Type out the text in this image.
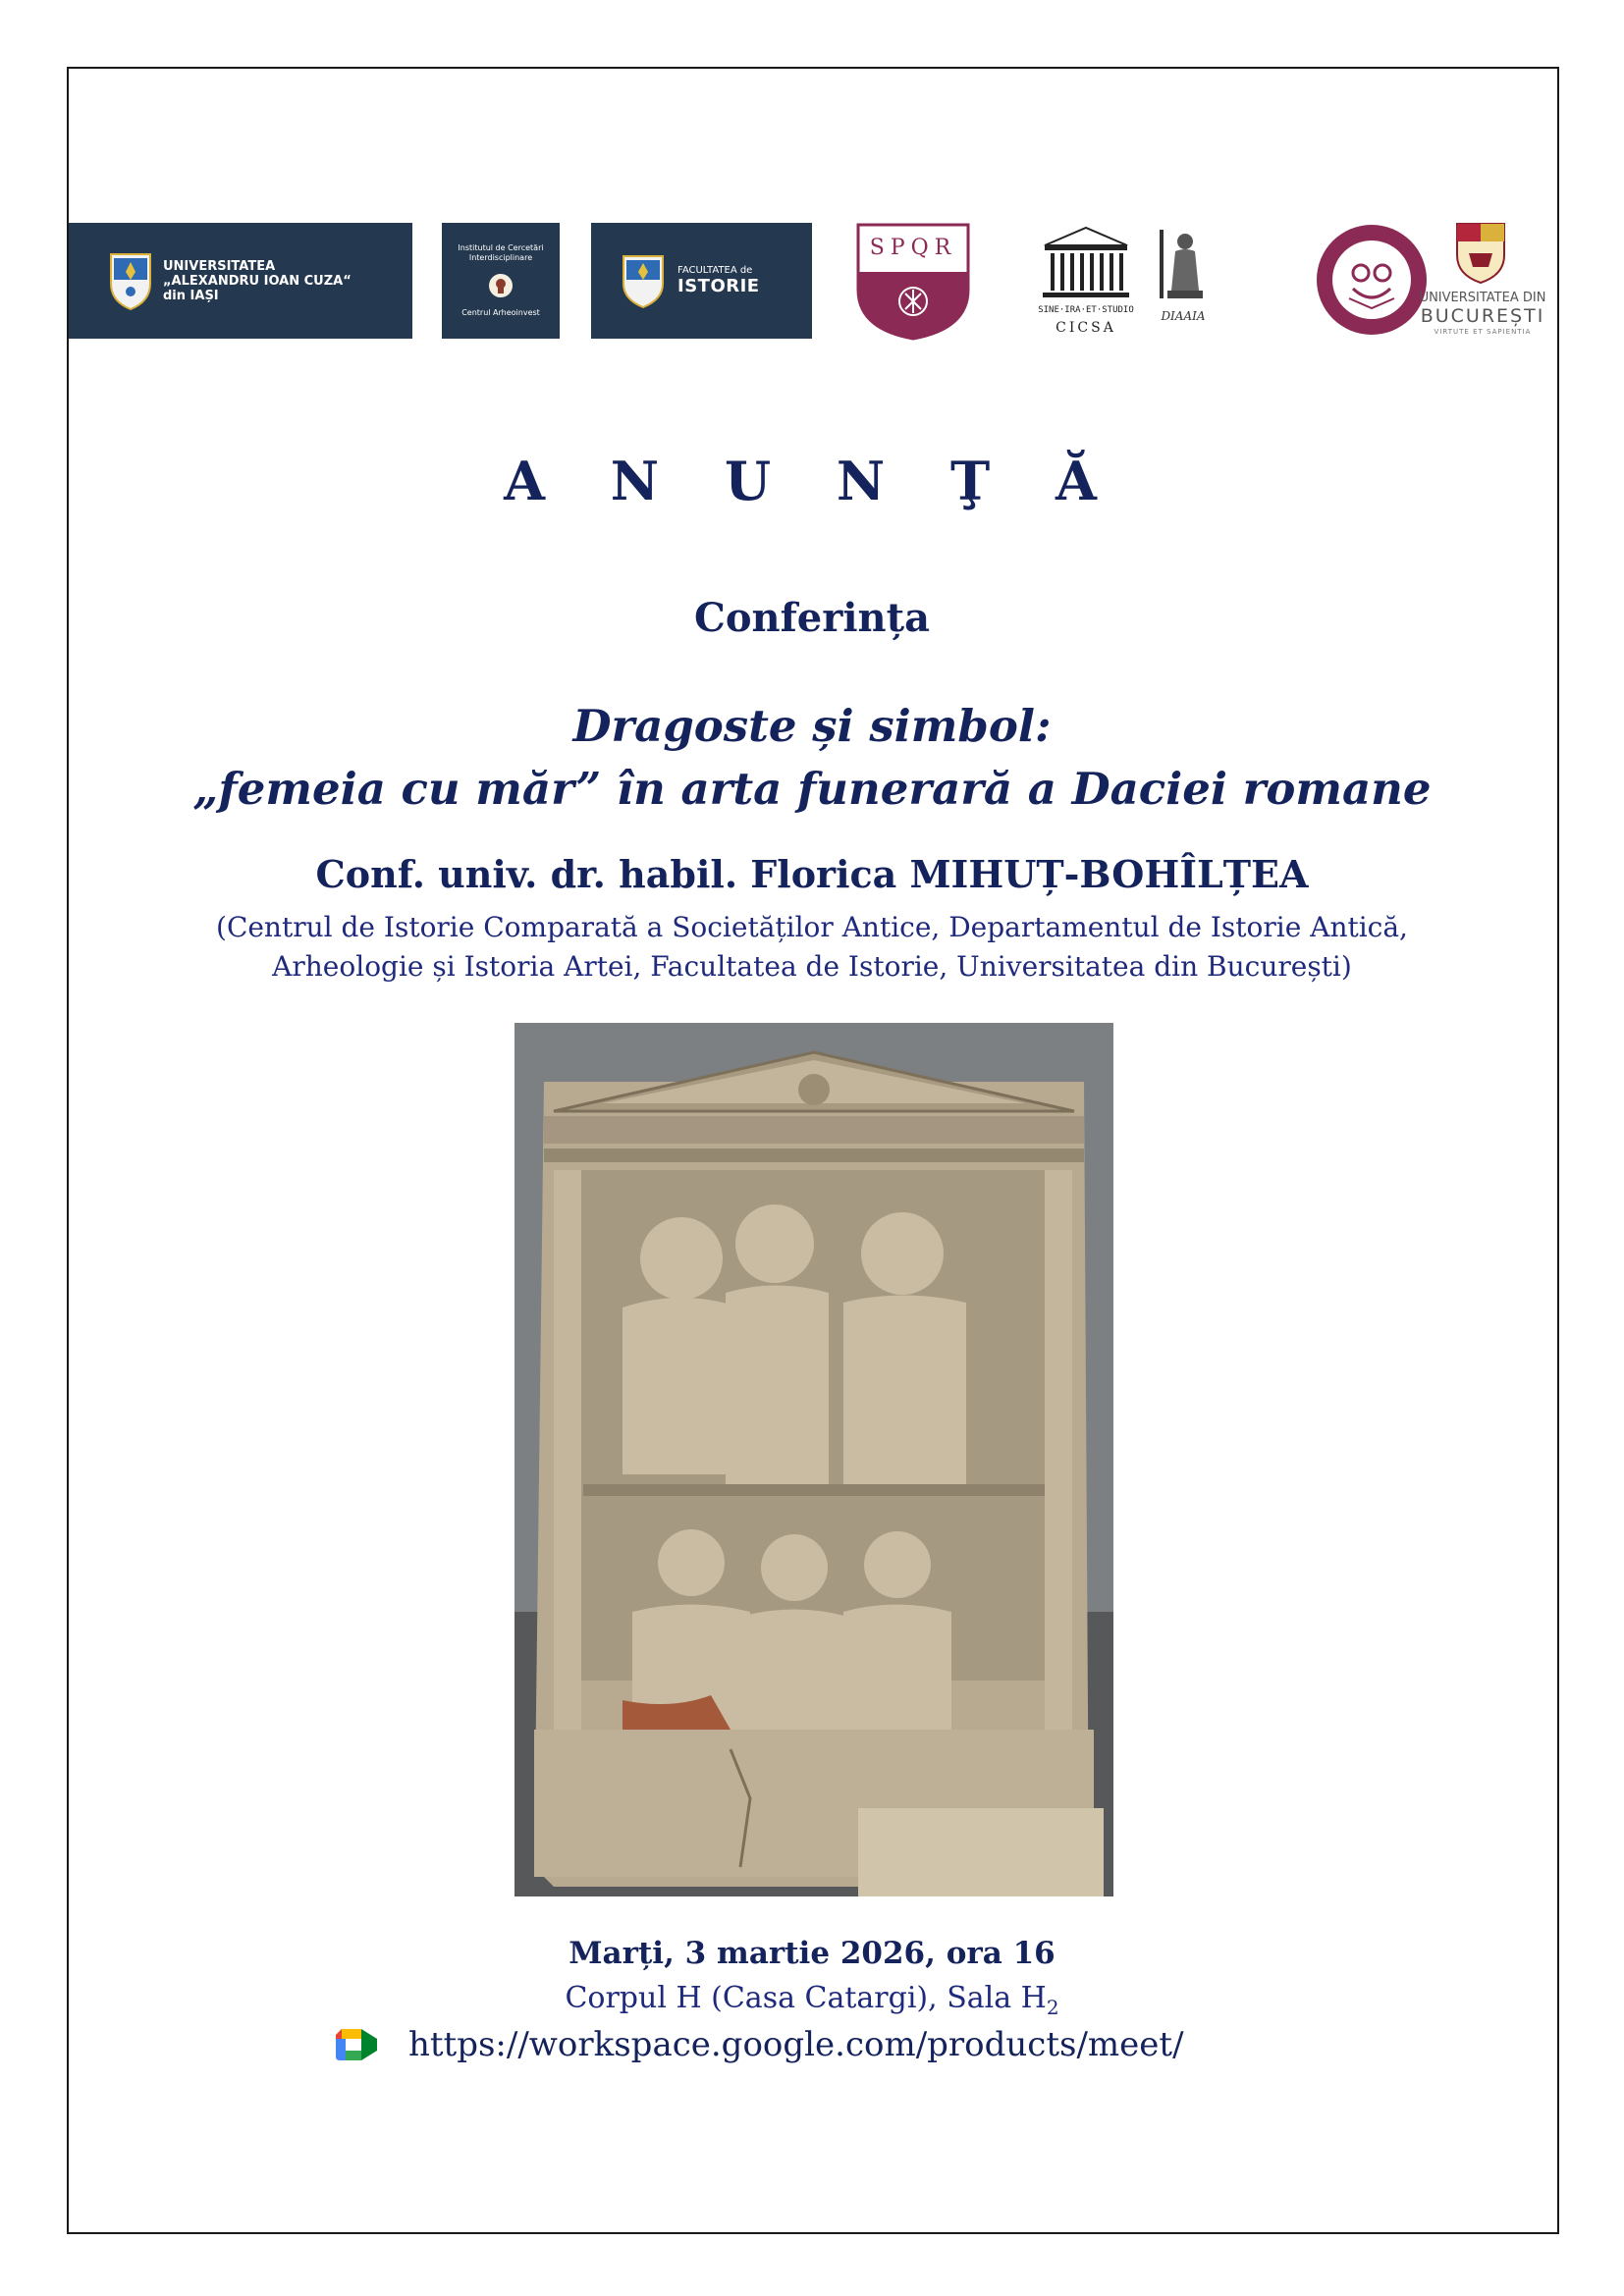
UNIVERSITATEA
„ALEXANDRU IOAN CUZA“
din IAȘI
Institutul de Cercetări
Interdisciplinare
Centrul Arheoinvest
FACULTATEA de
ISTORIE
SPQR
SINE·IRA·ET·STUDIO
CICSA
DIAAIA
UNIVERSITATEA DIN
BUCUREȘTI
VIRTUTE ET SAPIENTIA
A N U N Ţ Ă
Conferința
Dragoste și simbol:
„femeia cu măr” în arta funerară a Daciei romane
Conf. univ. dr. habil. Florica MIHUȚ-BOHÎLȚEA
(Centrul de Istorie Comparată a Societăților Antice, Departamentul de Istorie Antică,
Arheologie și Istoria Artei, Facultatea de Istorie, Universitatea din București)
Marți, 3 martie 2026, ora 16
Corpul H (Casa Catargi), Sala $H_2$
https://workspace.google.com/products/meet/
